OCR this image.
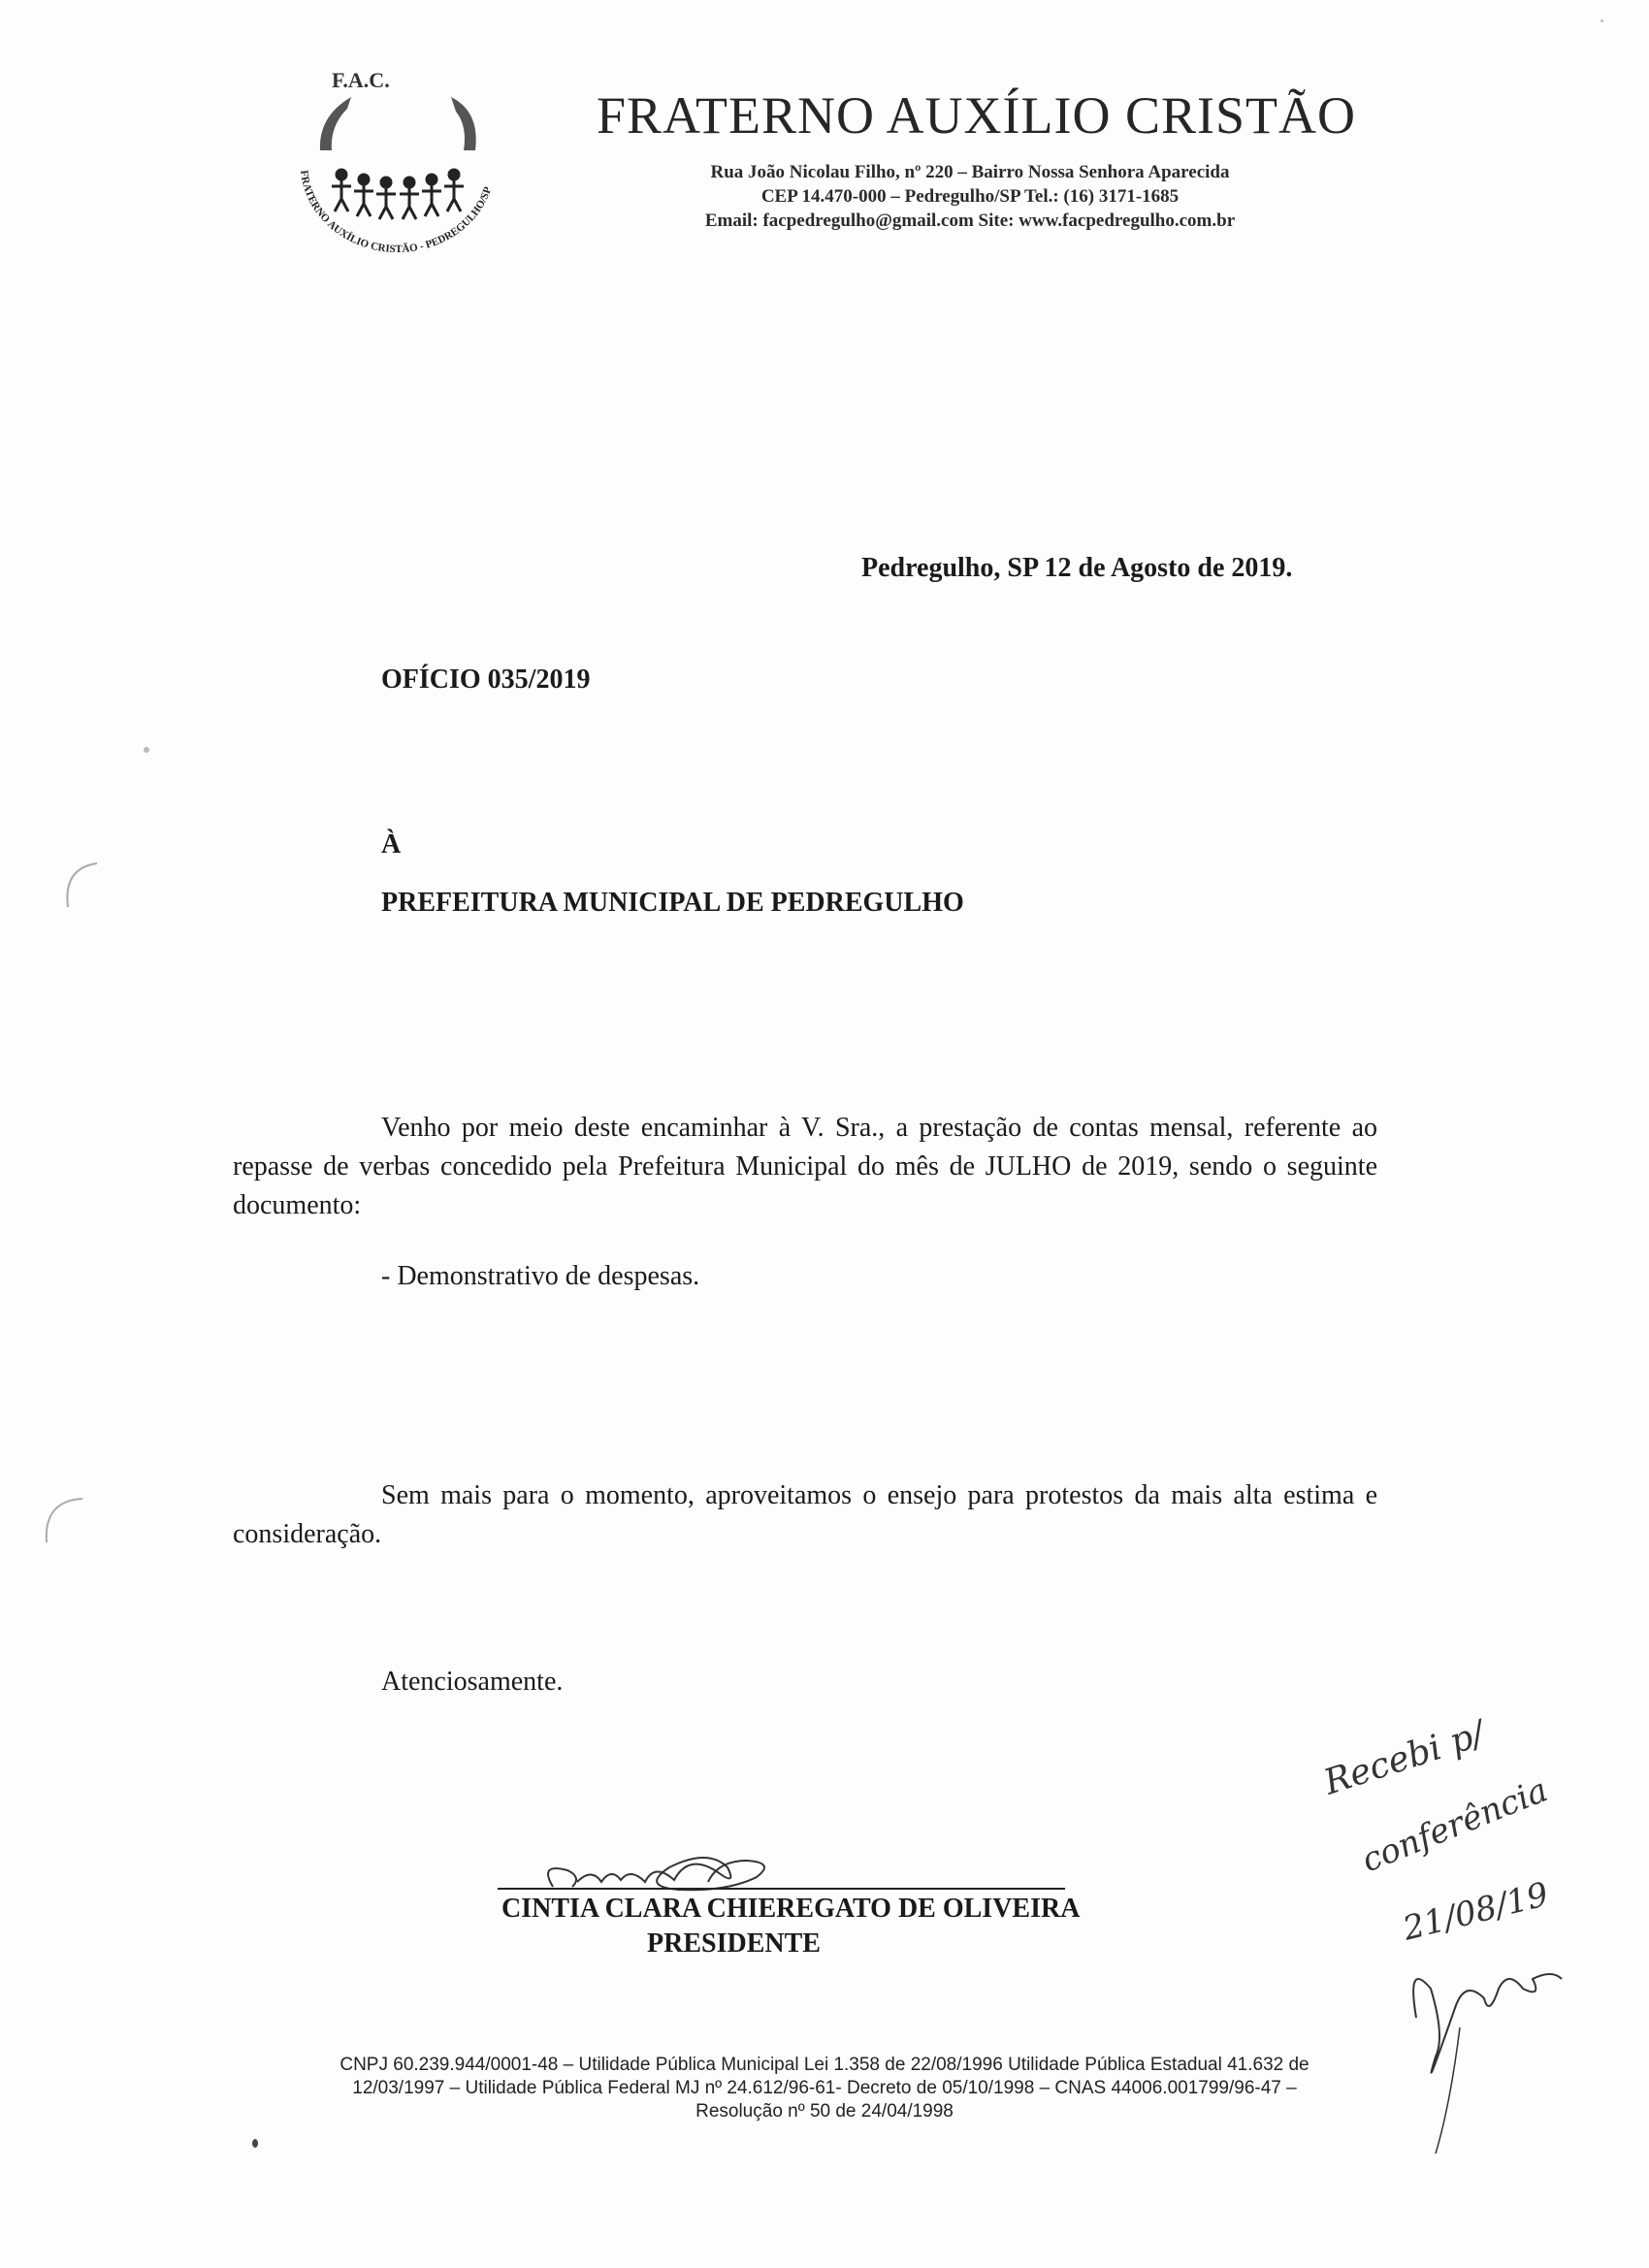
F.A.C.
FRATERNO AUXÍLIO CRISTÃO - PEDREGULHO/SP
FRATERNO AUXÍLIO CRISTÃO
Rua João Nicolau Filho, nº 220 – Bairro Nossa Senhora Aparecida
CEP 14.470-000 – Pedregulho/SP Tel.: (16) 3171-1685
Email: facpedregulho@gmail.com Site: www.facpedregulho.com.br
Pedregulho, SP 12 de Agosto de 2019.
OFÍCIO 035/2019
À
PREFEITURA MUNICIPAL DE PEDREGULHO
Venho por meio deste encaminhar à V. Sra., a prestação de contas mensal, referente ao repasse de verbas concedido pela Prefeitura Municipal do mês de JULHO de 2019, sendo o seguinte documento:
- Demonstrativo de despesas.
Sem mais para o momento, aproveitamos o ensejo para protestos da mais alta estima e consideração.
Atenciosamente.
CINTIA CLARA CHIEREGATO DE OLIVEIRA
PRESIDENTE
Recebi p/
conferência
21/08/19
CNPJ 60.239.944/0001-48 – Utilidade Pública Municipal Lei 1.358 de 22/08/1996 Utilidade Pública Estadual 41.632 de
12/03/1997 – Utilidade Pública Federal MJ nº 24.612/96-61- Decreto de 05/10/1998 – CNAS 44006.001799/96-47 –
Resolução nº 50 de 24/04/1998
